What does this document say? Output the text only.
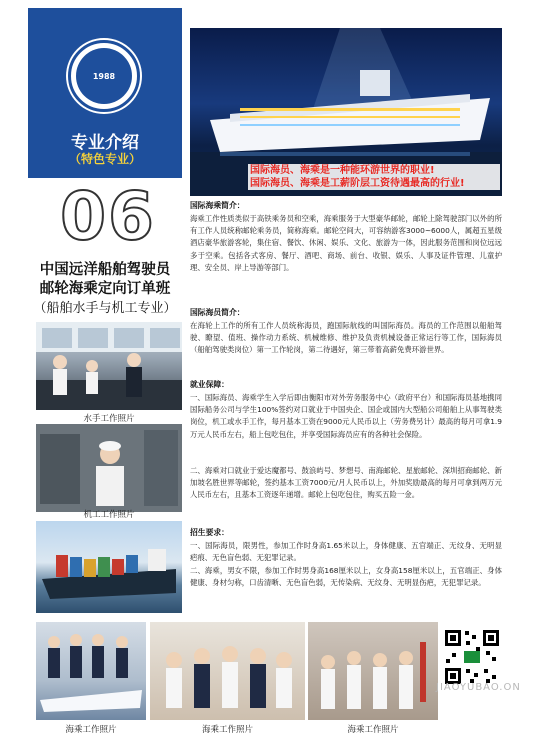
1988
专业介绍
（特色专业）
06
中国远洋船舶驾驶员
邮轮海乘定向订单班
（船舶水手与机工专业）
水手工作照片
机工工作照片
国际海员、海乘是一种能环游世界的职业!
国际海员、海乘是工薪阶层工资待遇最高的行业!
国际海乘简介：
海乘工作性质类似于高铁乘务员和空乘，海乘服务于大型豪华邮轮，邮轮上除驾驶部门以外的所有工作人员统称邮轮乘务员，简称海乘。邮轮空间大，可容纳游客3000~6000人，属超五星级酒店豪华旅游客轮，集住宿、餐饮、休闲、娱乐、文化、旅游为一体，因此服务范围和岗位远远多于空乘。包括各式客房、餐厅、酒吧、商场、前台、收银、娱乐、人事及证件管理、儿童护理、安全员、岸上导游等部门。
国际海员简介：
在海轮上工作的所有工作人员统称海员，跑国际航线的叫国际海员。海员的工作范围以船舶驾驶、瞭望、值班、操作动力系统、机械维修、维护及负责机械设备正常运行等工作，国际海员（船舶驾驶类岗位）第一工作轮岗，第二待遇好，第三带着高薪免费环游世界。
就业保障：
一、国际海员、海乘学生入学后即由衡阳市对外劳务服务中心（政府平台）和国际海员基地携同国际船务公司与学生100%签约对口就业于中国央企、国企或国内大型船公司船舶上从事驾驶类岗位，机工或水手工作，每月基本工资在9000元人民币以上（劳务费另计）最高的每月可拿1.9万元人民币左右，船上包吃包住，并享受国际海员应有的各种社会保险。
二、海乘对口就业于爱达魔都号、鼓浪屿号、梦想号、南海邮轮、星旅邮轮、深圳招商邮轮、新加坡名胜世界等邮轮，签约基本工资7000元/月人民币以上，外加奖励最高的每月可拿到两万元人民币左右，且基本工资逐年递增。邮轮上包吃包住，购买五险一金。
招生要求：
一、国际海员，限男性，参加工作时身高1.65米以上，身体健康、五官端正、无纹身、无明显疤痕、无色盲色弱、无犯罪记录。
二、海乘，男女不限，参加工作时男身高168厘米以上，女身高158厘米以上，五官端正、身体健康、身材匀称，口齿清晰、无色盲色弱，无传染病、无纹身、无明显伤疤，无犯罪记录。
海乘工作照片	海乘工作照片	海乘工作照片
JIAOYUBAO.ON
